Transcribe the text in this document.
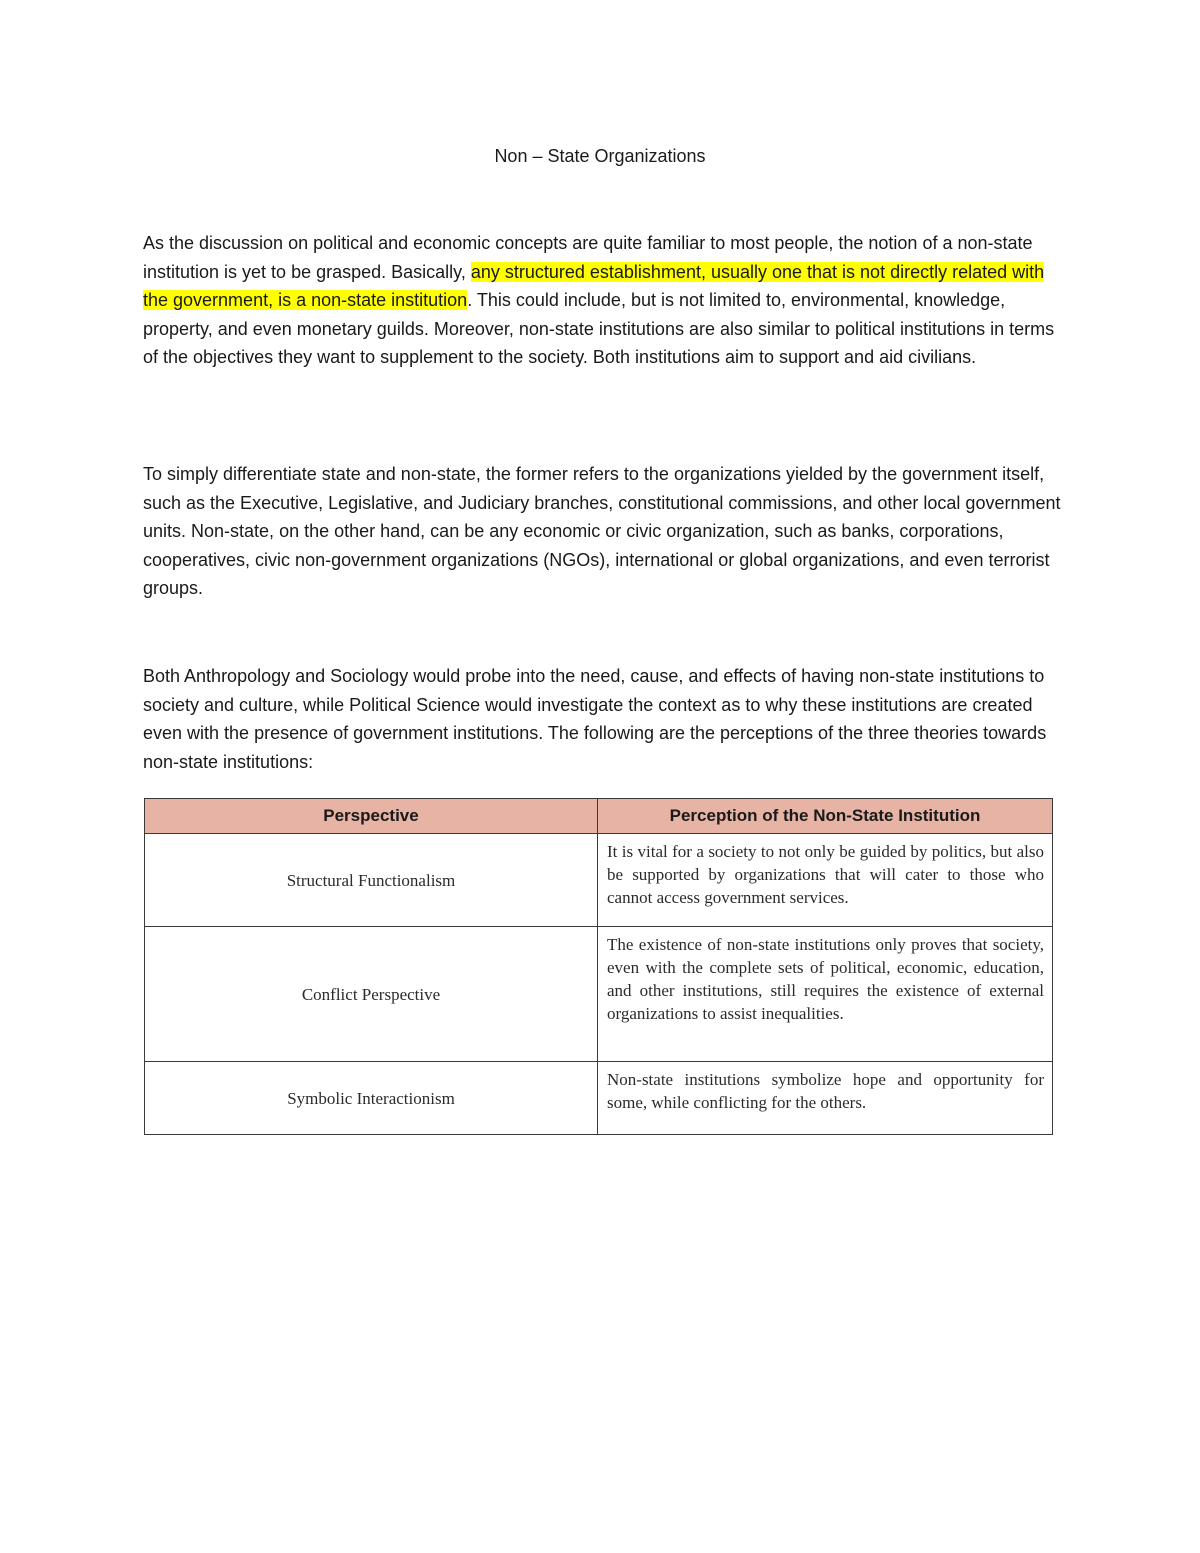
Non – State Organizations

As the discussion on political and economic concepts are quite familiar to most people, the notion of a non-state institution is yet to be grasped. Basically, any structured establishment, usually one that is not directly related with the government, is a non-state institution. This could include, but is not limited to, environmental, knowledge, property, and even monetary guilds. Moreover, non-state institutions are also similar to political institutions in terms of the objectives they want to supplement to the society. Both institutions aim to support and aid civilians.

To simply differentiate state and non-state, the former refers to the organizations yielded by the government itself, such as the Executive, Legislative, and Judiciary branches, constitutional commissions, and other local government units. Non-state, on the other hand, can be any economic or civic organization, such as banks, corporations, cooperatives, civic non-government organizations (NGOs), international or global organizations, and even terrorist groups.

Both Anthropology and Sociology would probe into the need, cause, and effects of having non-state institutions to society and culture, while Political Science would investigate the context as to why these institutions are created even with the presence of government institutions. The following are the perceptions of the three theories towards non-state institutions:

Perspective	Perception of the Non-State Institution
Structural Functionalism	It is vital for a society to not only be guided by politics, but also be supported by organizations that will cater to those who cannot access government services.
Conflict Perspective	The existence of non-state institutions only proves that society, even with the complete sets of political, economic, education, and other institutions, still requires the existence of external organizations to assist inequalities.
Symbolic Interactionism	Non-state institutions symbolize hope and opportunity for some, while conflicting for the others.
